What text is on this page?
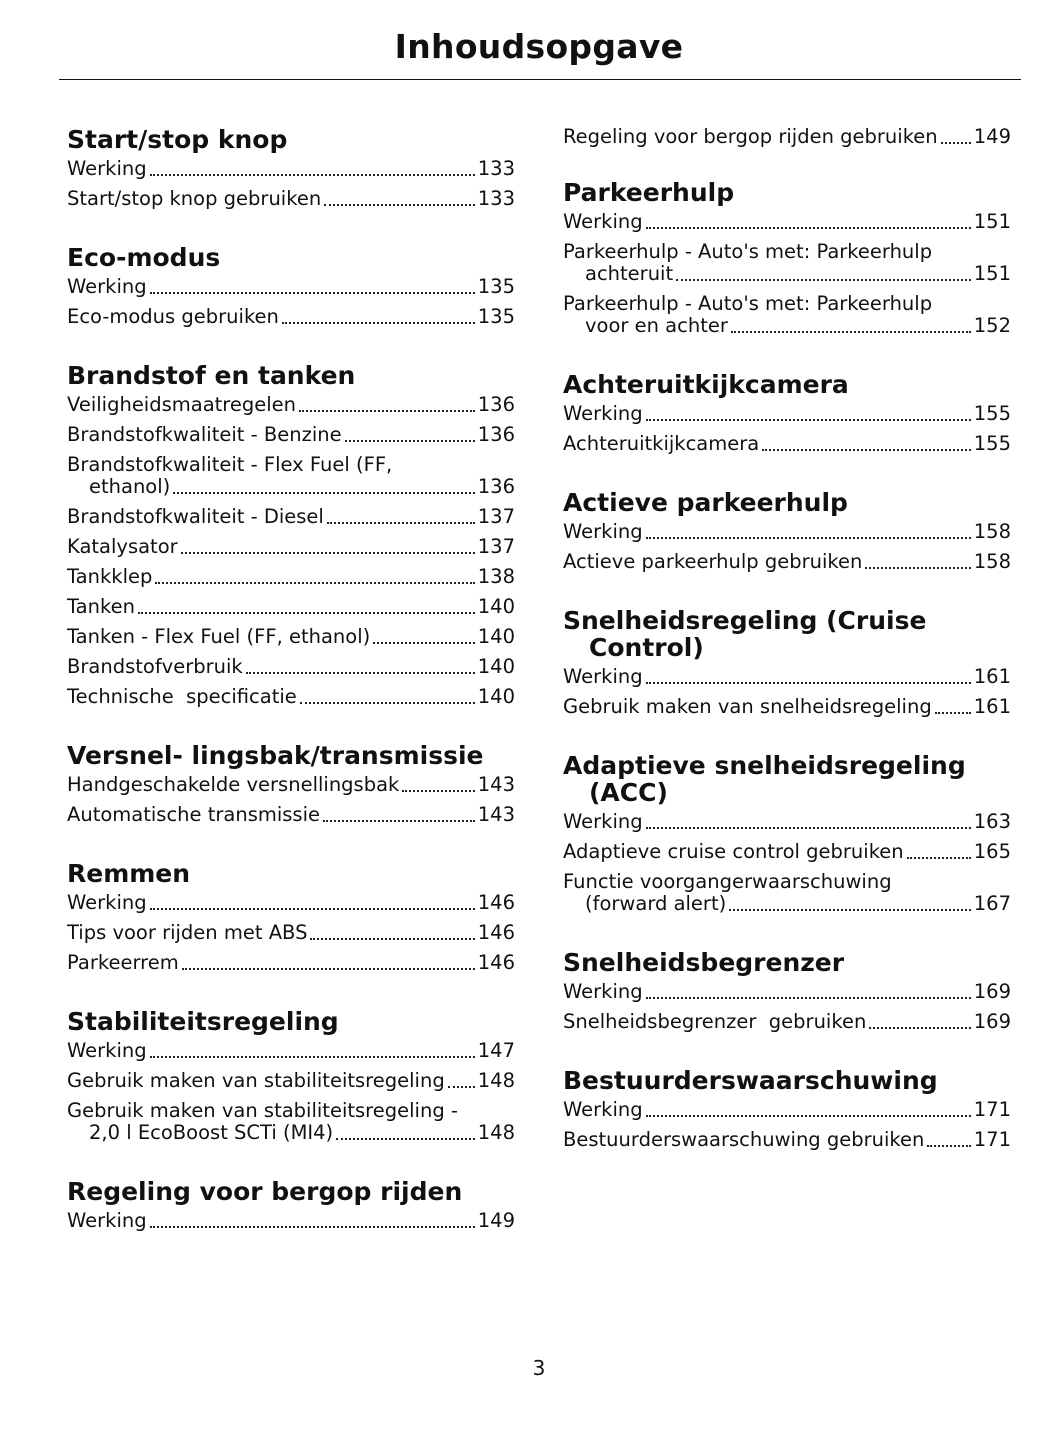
Inhoudsopgave
Start/stop knop
Werking	133
Start/stop knop gebruiken	133
Eco-modus
Werking	135
Eco-modus gebruiken	135
Brandstof en tanken
Veiligheidsmaatregelen	136
Brandstofkwaliteit - Benzine	136
Brandstofkwaliteit - Flex Fuel (FF, ethanol)	136
Brandstofkwaliteit - Diesel	137
Katalysator	137
Tankklep	138
Tanken	140
Tanken - Flex Fuel (FF, ethanol)	140
Brandstofverbruik	140
Technische  specificatie	140
Versnel- lingsbak/transmissie
Handgeschakelde versnellingsbak	143
Automatische transmissie	143
Remmen
Werking	146
Tips voor rijden met ABS	146
Parkeerrem	146
Stabiliteitsregeling
Werking	147
Gebruik maken van stabiliteitsregeling	148
Gebruik maken van stabiliteitsregeling - 2,0 l EcoBoost SCTi (MI4)	148
Regeling voor bergop rijden
Werking	149
Regeling voor bergop rijden gebruiken	149
Parkeerhulp
Werking	151
Parkeerhulp - Auto's met: Parkeerhulp achteruit	151
Parkeerhulp - Auto's met: Parkeerhulp voor en achter	152
Achteruitkijkcamera
Werking	155
Achteruitkijkcamera	155
Actieve parkeerhulp
Werking	158
Actieve parkeerhulp gebruiken	158
Snelheidsregeling (Cruise Control)
Werking	161
Gebruik maken van snelheidsregeling	161
Adaptieve snelheidsregeling (ACC)
Werking	163
Adaptieve cruise control gebruiken	165
Functie voorgangerwaarschuwing (forward alert)	167
Snelheidsbegrenzer
Werking	169
Snelheidsbegrenzer  gebruiken	169
Bestuurderswaarschuwing
Werking	171
Bestuurderswaarschuwing gebruiken	171
3
